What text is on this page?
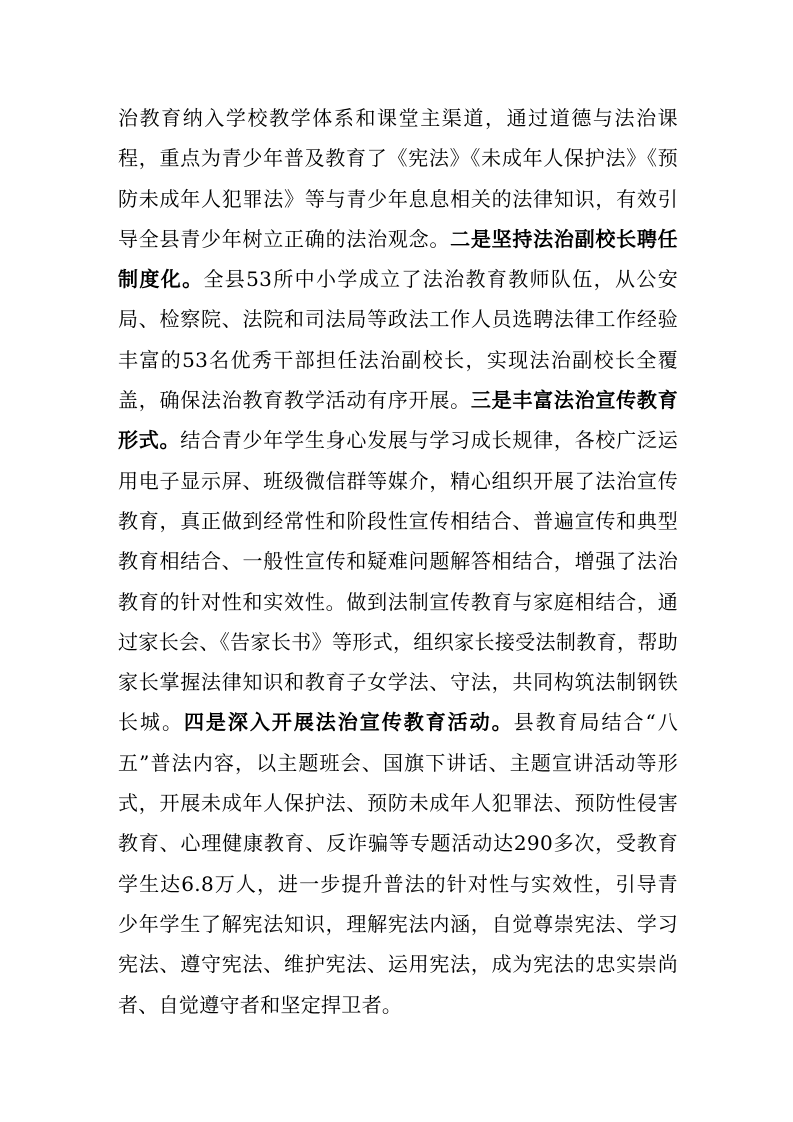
治教育纳入学校教学体系和课堂主渠道，通过道德与法治课程，重点为青少年普及教育了《宪法》《未成年人保护法》《预防未成年人犯罪法》等与青少年息息相关的法律知识，有效引导全县青少年树立正确的法治观念。二是坚持法治副校长聘任制度化。全县53所中小学成立了法治教育教师队伍，从公安局、检察院、法院和司法局等政法工作人员选聘法律工作经验丰富的53名优秀干部担任法治副校长，实现法治副校长全覆盖，确保法治教育教学活动有序开展。三是丰富法治宣传教育形式。结合青少年学生身心发展与学习成长规律，各校广泛运用电子显示屏、班级微信群等媒介，精心组织开展了法治宣传教育，真正做到经常性和阶段性宣传相结合、普遍宣传和典型教育相结合、一般性宣传和疑难问题解答相结合，增强了法治教育的针对性和实效性。做到法制宣传教育与家庭相结合，通过家长会、《告家长书》等形式，组织家长接受法制教育，帮助家长掌握法律知识和教育子女学法、守法，共同构筑法制钢铁长城。四是深入开展法治宣传教育活动。县教育局结合“八五”普法内容，以主题班会、国旗下讲话、主题宣讲活动等形式，开展未成年人保护法、预防未成年人犯罪法、预防性侵害教育、心理健康教育、反诈骗等专题活动达290多次，受教育学生达6.8万人，进一步提升普法的针对性与实效性，引导青少年学生了解宪法知识，理解宪法内涵，自觉尊崇宪法、学习宪法、遵守宪法、维护宪法、运用宪法，成为宪法的忠实崇尚者、自觉遵守者和坚定捍卫者。
